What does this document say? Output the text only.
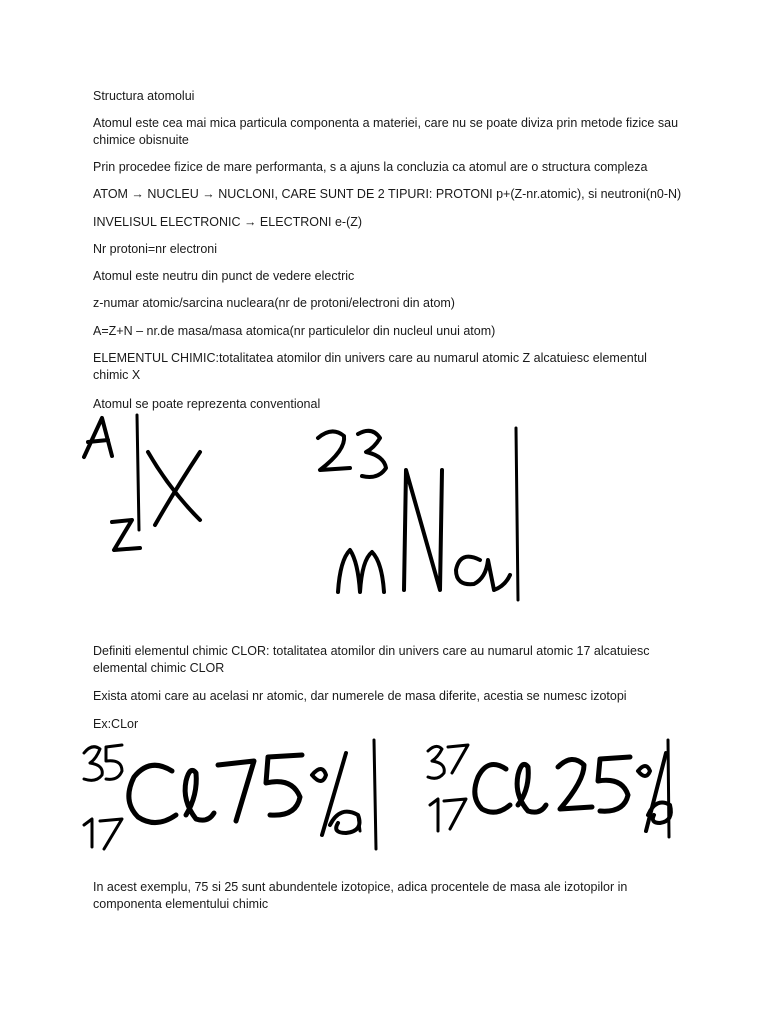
Structura atomolui
Atomul este cea mai mica particula componenta a materiei, care nu se poate diviza prin metode fizice sau chimice obisnuite
Prin procedee fizice de mare performanta, s a ajuns la concluzia ca atomul are o structura compleza
ATOM → NUCLEU → NUCLONI, CARE SUNT DE 2 TIPURI: PROTONI p+(Z-nr.atomic), si neutroni(n0-N)
INVELISUL ELECTRONIC → ELECTRONI e-(Z)
Nr protoni=nr electroni
Atomul este neutru din punct de vedere electric
z-numar atomic/sarcina nucleara(nr de protoni/electroni din atom)
A=Z+N – nr.de masa/masa atomica(nr particulelor din nucleul unui atom)
ELEMENTUL CHIMIC:totalitatea atomilor din univers care au numarul atomic Z alcatuiesc elementul chimic X
Atomul se poate reprezenta conventional
Definiti elementul chimic CLOR: totalitatea atomilor din univers care au numarul atomic 17 alcatuiesc elemental chimic CLOR
Exista atomi care au acelasi nr atomic, dar numerele de masa diferite, acestia se numesc izotopi
Ex:CLor
In acest exemplu, 75 si 25 sunt abundentele izotopice, adica procentele de masa ale izotopilor in componenta elementului chimic
